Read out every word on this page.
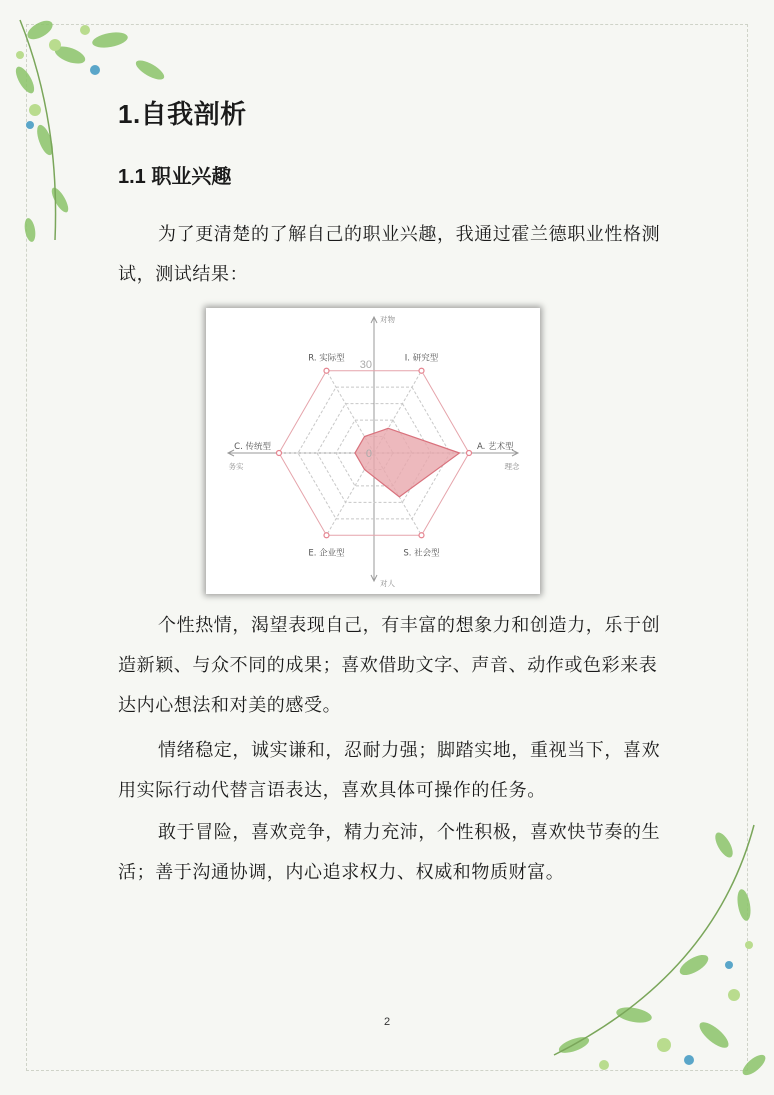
1.自我剖析
1.1 职业兴趣

为了更清楚的了解自己的职业兴趣，我通过霍兰德职业性格测试，测试结果：

I. 研究型
A. 艺术型
S. 社会型
E. 企业型
C. 传统型
R. 实际型
0
30
对物
对人
务实	理念

个性热情，渴望表现自己，有丰富的想象力和创造力，乐于创造新颖、与众不同的成果；喜欢借助文字、声音、动作或色彩来表达内心想法和对美的感受。

情绪稳定，诚实谦和，忍耐力强；脚踏实地，重视当下，喜欢用实际行动代替言语表达，喜欢具体可操作的任务。

敢于冒险，喜欢竞争，精力充沛，个性积极，喜欢快节奏的生活；善于沟通协调，内心追求权力、权威和物质财富。

2
